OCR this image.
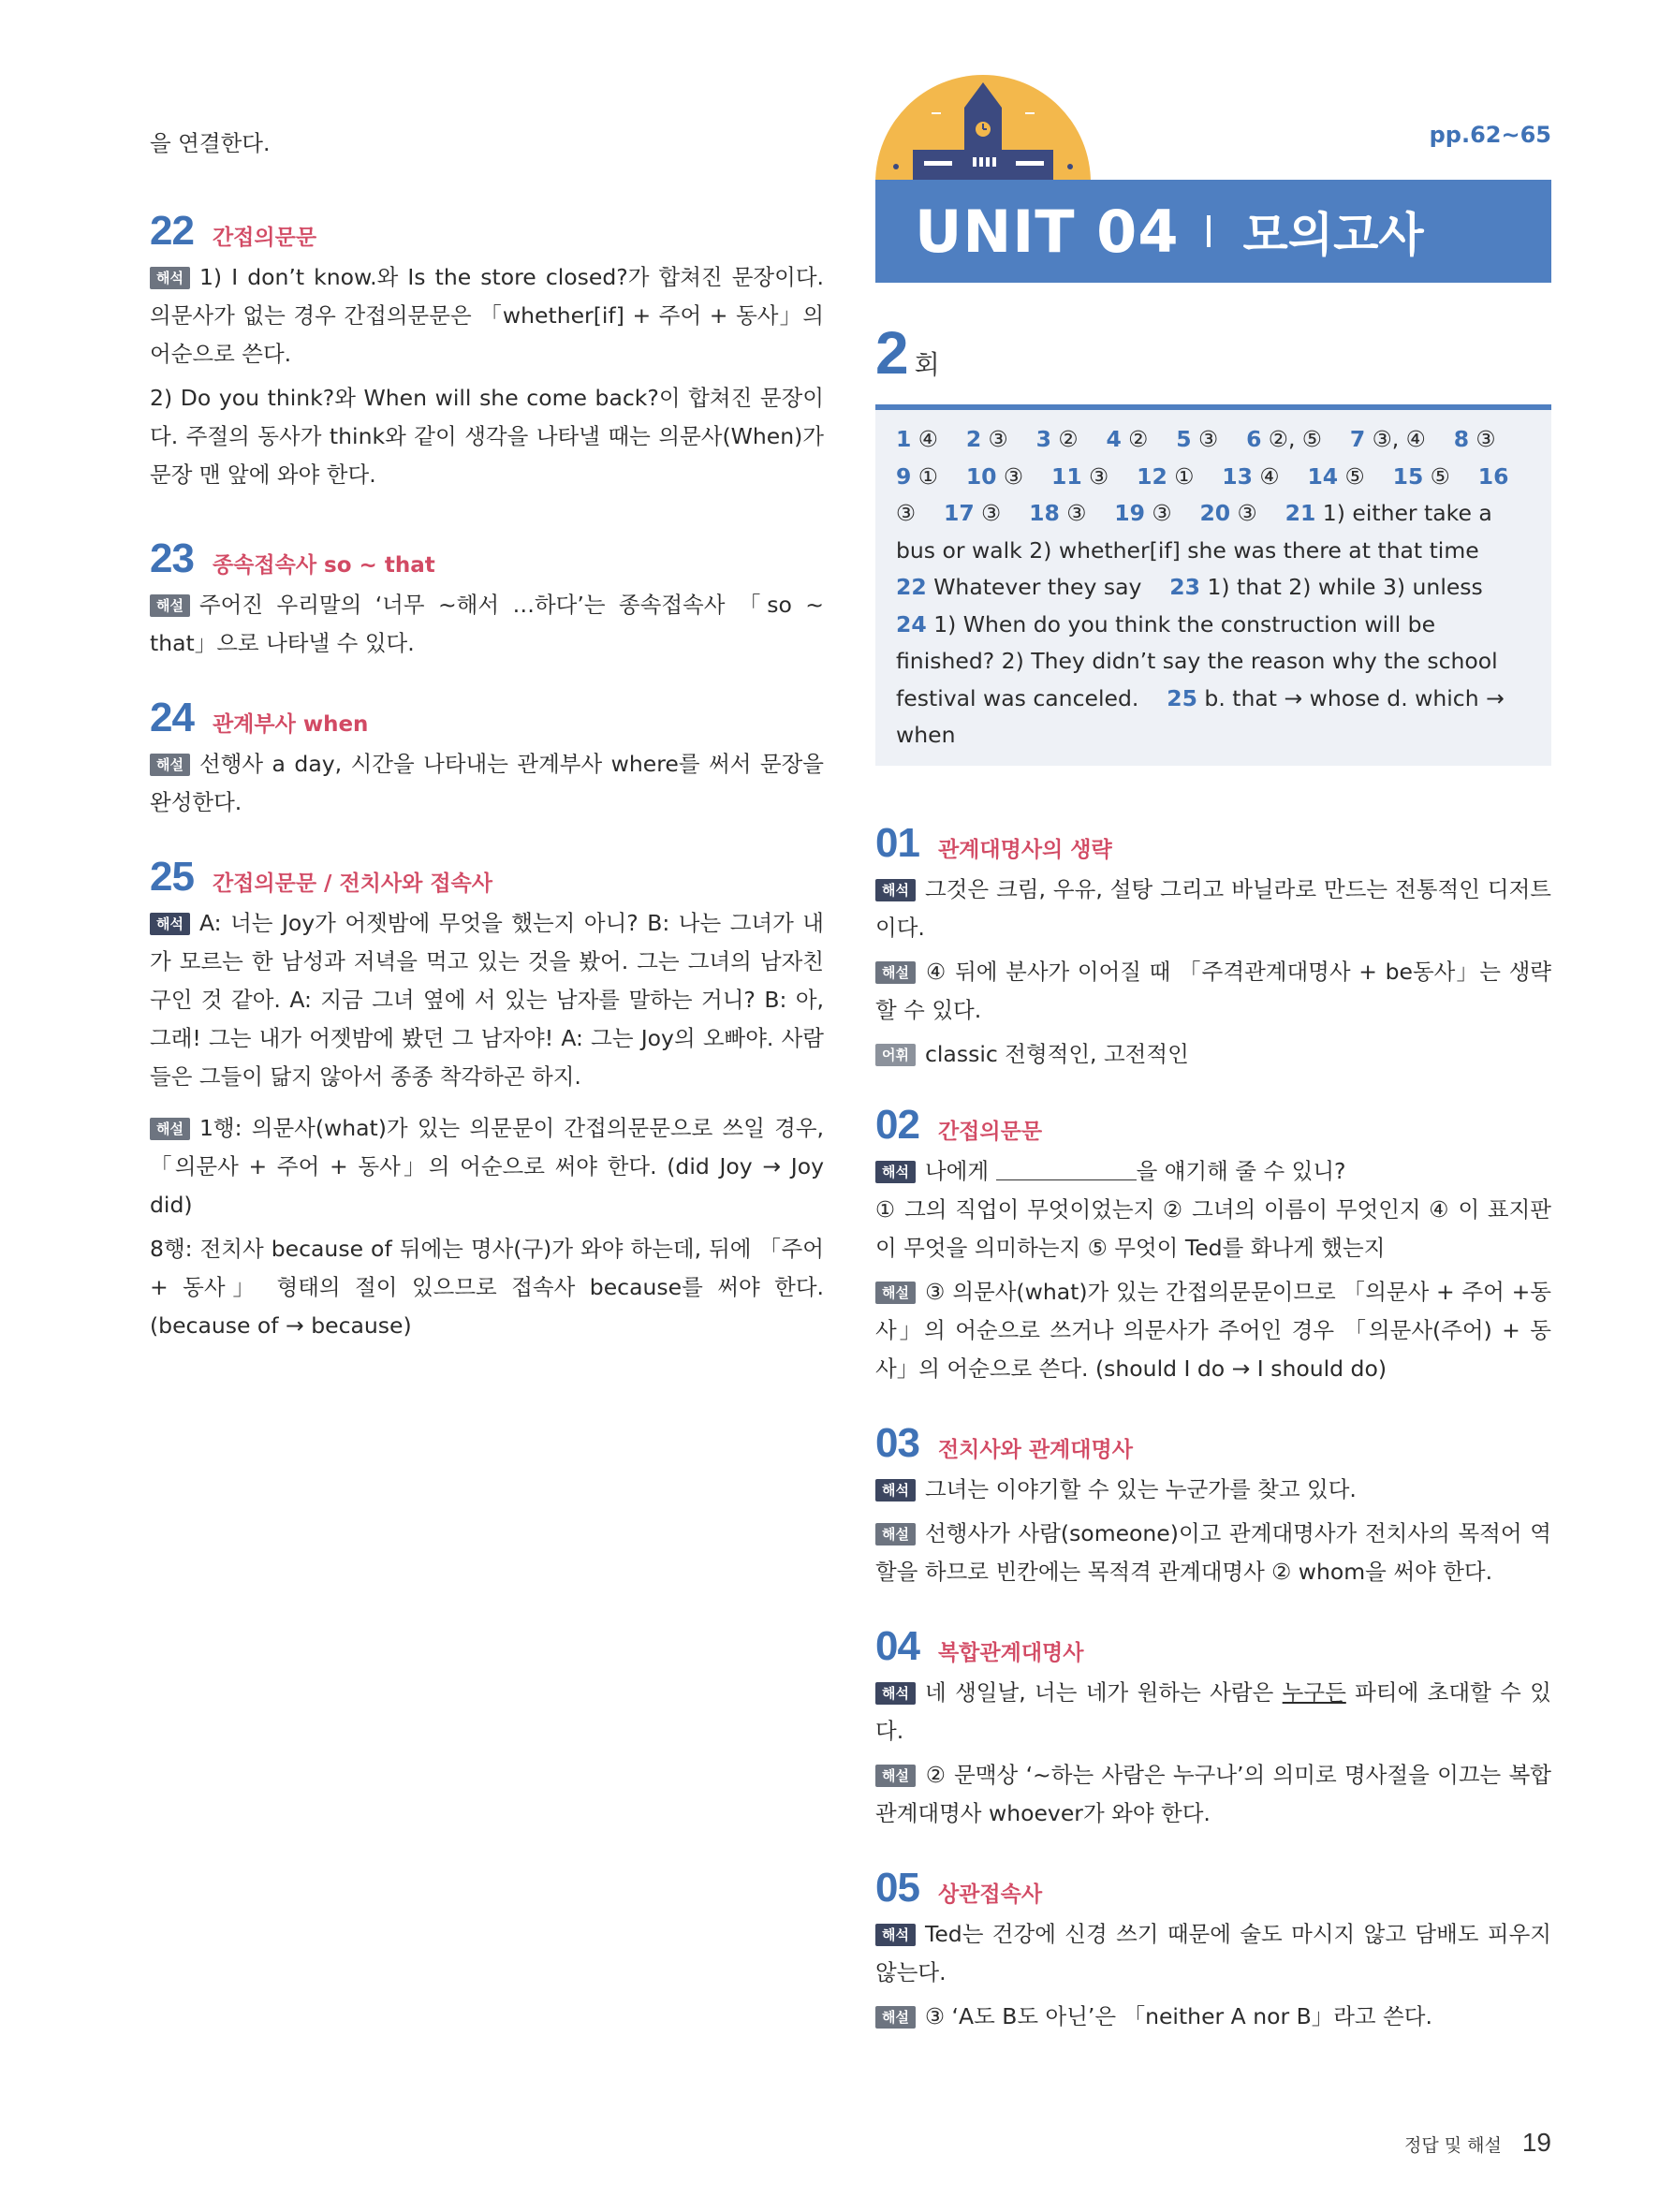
을 연결한다.

22 간접의문문

해석 1) I don’t know.와 Is the store closed?가 합쳐진 문장이다. 의문사가 없는 경우 간접의문문은 「whether[if] + 주어 + 동사」의 어순으로 쓴다.

2) Do you think?와 When will she come back?이 합쳐진 문장이다. 주절의 동사가 think와 같이 생각을 나타낼 때는 의문사(When)가 문장 맨 앞에 와야 한다.

23 종속접속사 so ~ that

해설 주어진 우리말의 ‘너무 ~해서 …하다’는 종속접속사 「so ~ that」으로 나타낼 수 있다.

24 관계부사 when

해설 선행사 a day, 시간을 나타내는 관계부사 where를 써서 문장을 완성한다.

25 간접의문문 / 전치사와 접속사

해석 A: 너는 Joy가 어젯밤에 무엇을 했는지 아니? B: 나는 그녀가 내가 모르는 한 남성과 저녁을 먹고 있는 것을 봤어. 그는 그녀의 남자친구인 것 같아. A: 지금 그녀 옆에 서 있는 남자를 말하는 거니? B: 아, 그래! 그는 내가 어젯밤에 봤던 그 남자야! A: 그는 Joy의 오빠야. 사람들은 그들이 닮지 않아서 종종 착각하곤 하지.

해설 1행: 의문사(what)가 있는 의문문이 간접의문문으로 쓰일 경우, 「의문사 + 주어 + 동사」의 어순으로 써야 한다. (did Joy → Joy did)

8행: 전치사 because of 뒤에는 명사(구)가 와야 하는데, 뒤에 「주어 + 동사」 형태의 절이 있으므로 접속사 because를 써야 한다. (because of → because)

pp.62~65
UNIT 04 모의고사
2 회
1 ④ 2 ③ 3 ② 4 ② 5 ③ 6 ②, ⑤ 7 ③, ④ 8 ③    9 ① 10 ③ 11 ③ 12 ① 13 ④ 14 ⑤ 15 ⑤ 16 ③ 17 ③ 18 ③ 19 ③ 20 ③ 21 1) either take a bus or walk 2) whether[if] she was there at that time    22 Whatever they say 23 1) that 2) while 3) unless    24 1) When do you think the construction will be finished? 2) They didn’t say the reason why the school festival was canceled. 25 b. that → whose d. which → when
01 관계대명사의 생략

해석 그것은 크림, 우유, 설탕 그리고 바닐라로 만드는 전통적인 디저트이다.

해설 ④ 뒤에 분사가 이어질 때 「주격관계대명사 + be동사」는 생략할 수 있다.

어휘 classic 전형적인, 고전적인

02 간접의문문

해석 나에게	을 얘기해 줄 수 있니?

① 그의 직업이 무엇이었는지 ② 그녀의 이름이 무엇인지 ④ 이 표지판이 무엇을 의미하는지 ⑤ 무엇이 Ted를 화나게 했는지

해설 ③ 의문사(what)가 있는 간접의문문이므로 「의문사 + 주어 +동사」의 어순으로 쓰거나 의문사가 주어인 경우 「의문사(주어) + 동사」의 어순으로 쓴다. (should I do → I should do)

03 전치사와 관계대명사

해석 그녀는 이야기할 수 있는 누군가를 찾고 있다.

해설 선행사가 사람(someone)이고 관계대명사가 전치사의 목적어 역할을 하므로 빈칸에는 목적격 관계대명사 ② whom을 써야 한다.

04 복합관계대명사

해석 네 생일날, 너는 네가 원하는 사람은 누구든 파티에 초대할 수 있다.

해설 ② 문맥상 ‘~하는 사람은 누구나’의 의미로 명사절을 이끄는 복합관계대명사 whoever가 와야 한다.

05 상관접속사

해석 Ted는 건강에 신경 쓰기 때문에 술도 마시지 않고 담배도 피우지 않는다.

해설 ③ ‘A도 B도 아닌’은 「neither A nor B」라고 쓴다.

정답 및 해설 19
